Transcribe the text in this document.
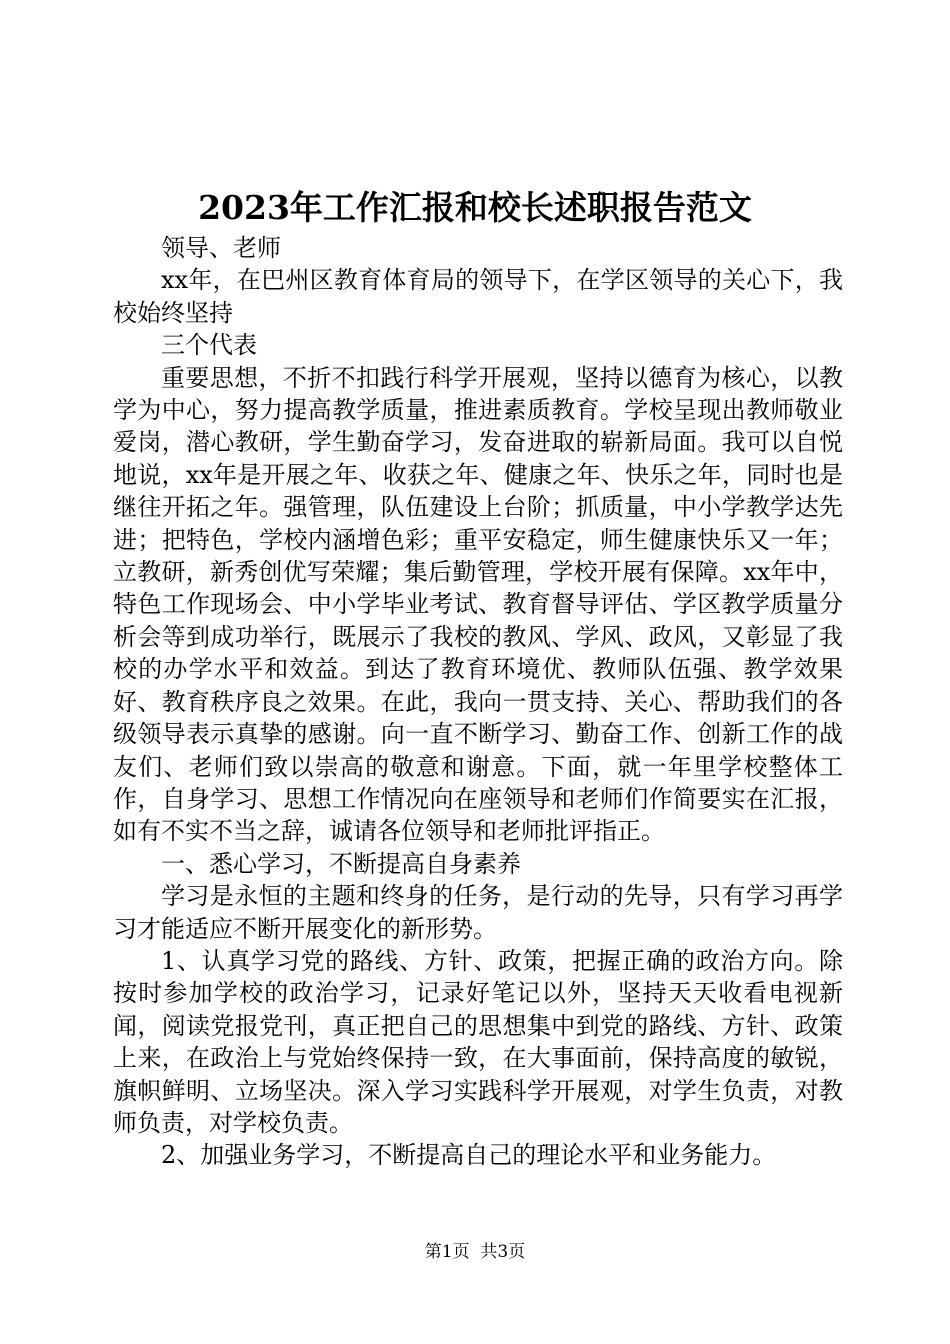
2023年工作汇报和校长述职报告范文

领导、老师

xx年，在巴州区教育体育局的领导下，在学区领导的关心下，我校始终坚持

三个代表

重要思想，不折不扣践行科学开展观，坚持以德育为核心，以教学为中心，努力提高教学质量，推进素质教育。学校呈现出教师敬业爱岗，潜心教研，学生勤奋学习，发奋进取的崭新局面。我可以自悦地说，xx年是开展之年、收获之年、健康之年、快乐之年，同时也是继往开拓之年。强管理，队伍建设上台阶；抓质量，中小学教学达先进；把特色，学校内涵增色彩；重平安稳定，师生健康快乐又一年；立教研，新秀创优写荣耀；集后勤管理，学校开展有保障。xx年中，特色工作现场会、中小学毕业考试、教育督导评估、学区教学质量分析会等到成功举行，既展示了我校的教风、学风、政风，又彰显了我校的办学水平和效益。到达了教育环境优、教师队伍强、教学效果好、教育秩序良之效果。在此，我向一贯支持、关心、帮助我们的各级领导表示真挚的感谢。向一直不断学习、勤奋工作、创新工作的战友们、老师们致以崇高的敬意和谢意。下面，就一年里学校整体工作，自身学习、思想工作情况向在座领导和老师们作简要实在汇报，如有不实不当之辞，诚请各位领导和老师批评指正。

一、悉心学习，不断提高自身素养

学习是永恒的主题和终身的任务，是行动的先导，只有学习再学习才能适应不断开展变化的新形势。

1、认真学习党的路线、方针、政策，把握正确的政治方向。除按时参加学校的政治学习，记录好笔记以外，坚持天天收看电视新闻，阅读党报党刊，真正把自己的思想集中到党的路线、方针、政策上来，在政治上与党始终保持一致，在大事面前，保持高度的敏锐，旗帜鲜明、立场坚决。深入学习实践科学开展观，对学生负责，对教师负责，对学校负责。

2、加强业务学习，不断提高自己的理论水平和业务能力。

第1页 共3页
